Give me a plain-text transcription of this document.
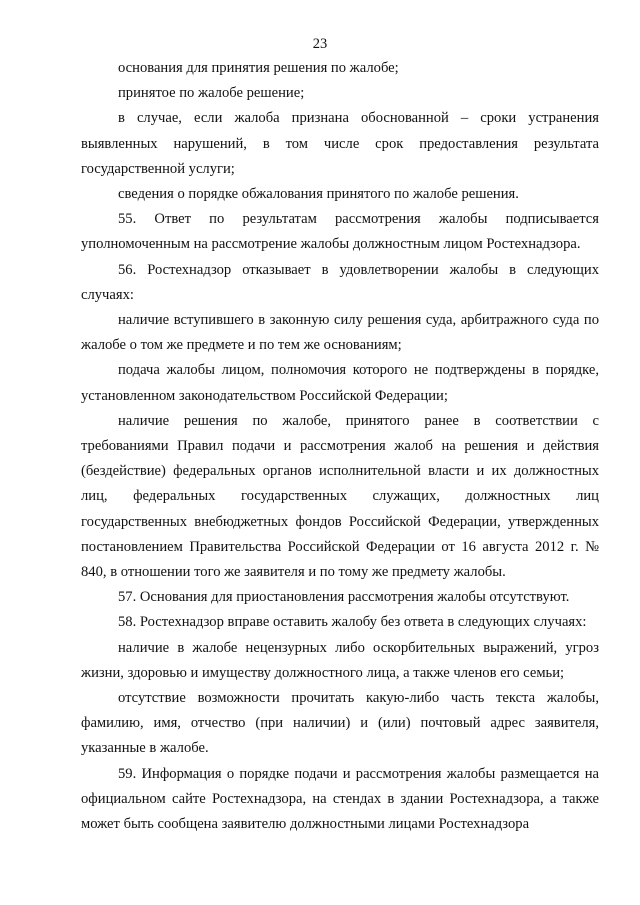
23

основания для принятия решения по жалобе;

принятое по жалобе решение;

в случае, если жалоба признана обоснованной – сроки устранения выявленных нарушений, в том числе срок предоставления результата государственной услуги;

сведения о порядке обжалования принятого по жалобе решения.

55. Ответ по результатам рассмотрения жалобы подписывается уполномоченным на рассмотрение жалобы должностным лицом Ростехнадзора.

56. Ростехнадзор отказывает в удовлетворении жалобы в следующих случаях:

наличие вступившего в законную силу решения суда, арбитражного суда по жалобе о том же предмете и по тем же основаниям;

подача жалобы лицом, полномочия которого не подтверждены в порядке, установленном законодательством Российской Федерации;

наличие решения по жалобе, принятого ранее в соответствии с требованиями Правил подачи и рассмотрения жалоб на решения и действия (бездействие) федеральных органов исполнительной власти и их должностных лиц, федеральных государственных служащих, должностных лиц государственных внебюджетных фондов Российской Федерации, утвержденных постановлением Правительства Российской Федерации от 16 августа 2012 г. № 840, в отношении того же заявителя и по тому же предмету жалобы.

57. Основания для приостановления рассмотрения жалобы отсутствуют.

58. Ростехнадзор вправе оставить жалобу без ответа в следующих случаях:

наличие в жалобе нецензурных либо оскорбительных выражений, угроз жизни, здоровью и имуществу должностного лица, а также членов его семьи;

отсутствие возможности прочитать какую-либо часть текста жалобы, фамилию, имя, отчество (при наличии) и (или) почтовый адрес заявителя, указанные в жалобе.

59. Информация о порядке подачи и рассмотрения жалобы размещается на официальном сайте Ростехнадзора, на стендах в здании Ростехнадзора, а также может быть сообщена заявителю должностными лицами Ростехнадзора
